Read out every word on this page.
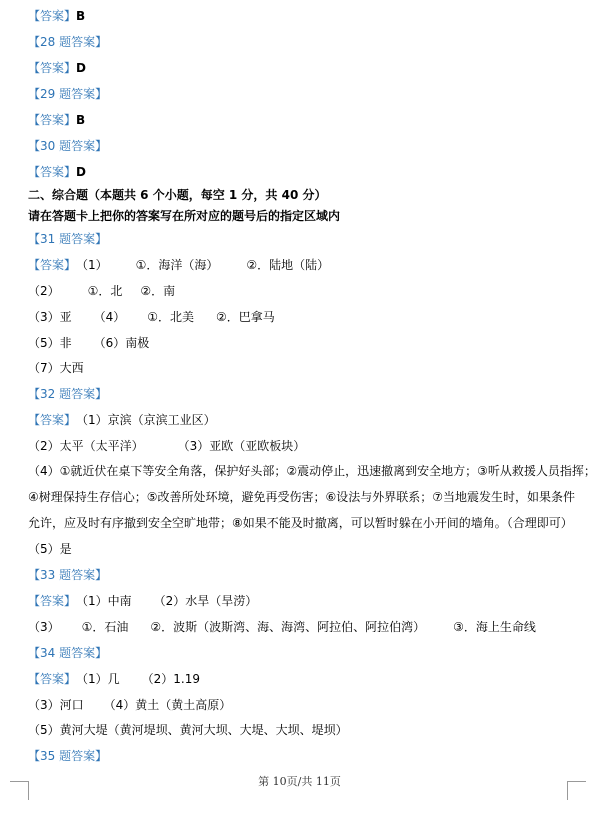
【答案】B
【28 题答案】
【答案】D
【29 题答案】
【答案】B
【30 题答案】
【答案】D
二、综合题（本题共 6 个小题，每空 1 分，共 40 分）
请在答题卡上把你的答案写在所对应的题号后的指定区域内
【31 题答案】
【答案】（1） ①．海洋（海） ②．陆地（陆）
（2） ①．北 ②．南
（3）亚 （4） ①．北美 ②．巴拿马
（5）非 （6）南极
（7）大西
【32 题答案】
【答案】（1）京滨（京滨工业区）
（2）太平（太平洋）	（3）亚欧（亚欧板块）
（4）①就近伏在桌下等安全角落，保护好头部；②震动停止，迅速撤离到安全地方；③听从救援人员指挥；
④树理保持生存信心；⑤改善所处环境，避免再受伤害；⑥设法与外界联系；⑦当地震发生时，如果条件
允许，应及时有序撤到安全空旷地带；⑧如果不能及时撤离，可以暂时躲在小开间的墙角。（合理即可）
（5）是
【33 题答案】
【答案】（1）中南 （2）水旱（旱涝）
（3） ①．石油 ②．波斯（波斯湾、海、海湾、阿拉伯、阿拉伯湾） ③．海上生命线
【34 题答案】
【答案】（1）几 （2）1.19
（3）河口 （4）黄土（黄土高原）
（5）黄河大堤（黄河堤坝、黄河大坝、大堤、大坝、堤坝）
【35 题答案】
第 10页/共 11页
